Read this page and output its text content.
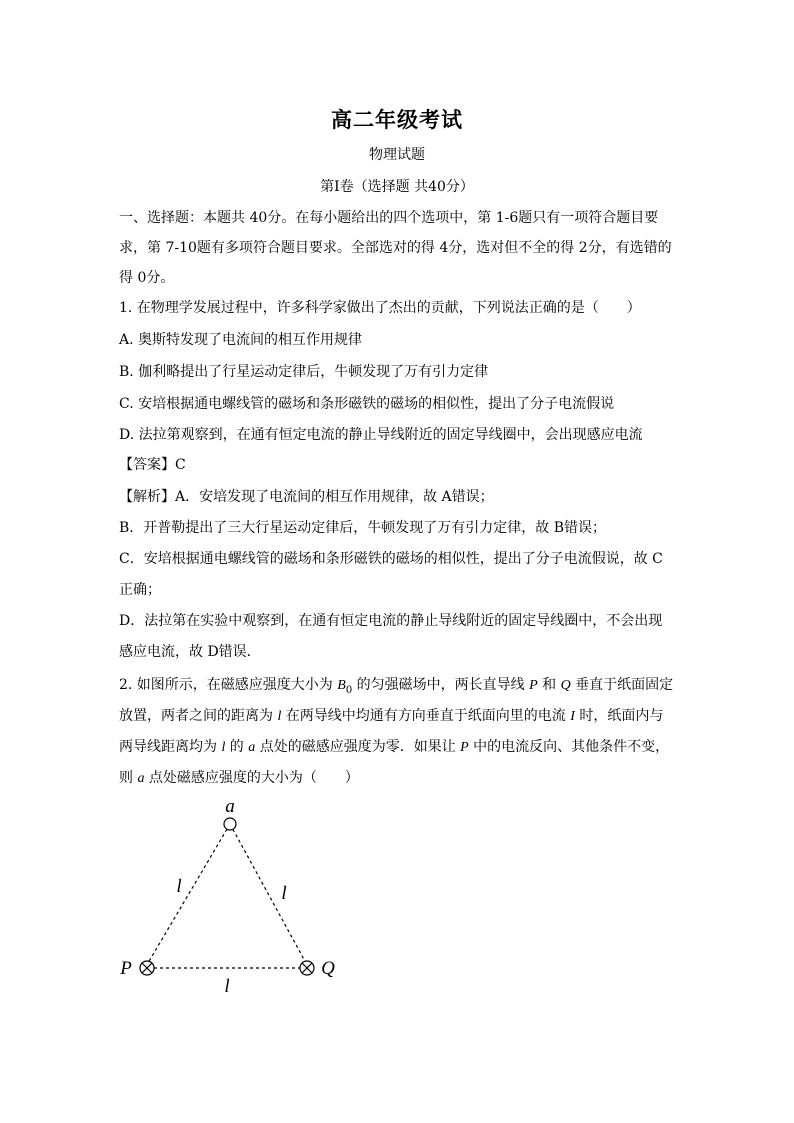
高二年级考试
物理试题
第Ⅰ卷（选择题 共40分）
一、选择题：本题共 40分。在每小题给出的四个选项中，第 1-6题只有一项符合题目要
求，第 7-10题有多项符合题目要求。全部选对的得 4分，选对但不全的得 2分，有选错的
得 0分。
1. 在物理学发展过程中，许多科学家做出了杰出的贡献，下列说法正确的是（　　）
A. 奥斯特发现了电流间的相互作用规律
B. 伽利略提出了行星运动定律后，牛顿发现了万有引力定律
C. 安培根据通电螺线管的磁场和条形磁铁的磁场的相似性，提出了分子电流假说
D. 法拉第观察到，在通有恒定电流的静止导线附近的固定导线圈中，会出现感应电流
【答案】C
【解析】A．安培发现了电流间的相互作用规律，故 A错误；
B．开普勒提出了三大行星运动定律后，牛顿发现了万有引力定律，故 B错误；
C．安培根据通电螺线管的磁场和条形磁铁的磁场的相似性，提出了分子电流假说，故 C
正确；
D．法拉第在实验中观察到，在通有恒定电流的静止导线附近的固定导线圈中，不会出现
感应电流，故 D错误．
2. 如图所示，在磁感应强度大小为 $B_0$ 的匀强磁场中，两长直导线 P 和 Q 垂直于纸面固定
放置，两者之间的距离为 l 在两导线中均通有方向垂直于纸面向里的电流 I 时，纸面内与
两导线距离均为 l 的 a 点处的磁感应强度为零．如果让 P 中的电流反向、其他条件不变，
则 a 点处磁感应强度的大小为（　　）
a
P	Q
l	l
l
